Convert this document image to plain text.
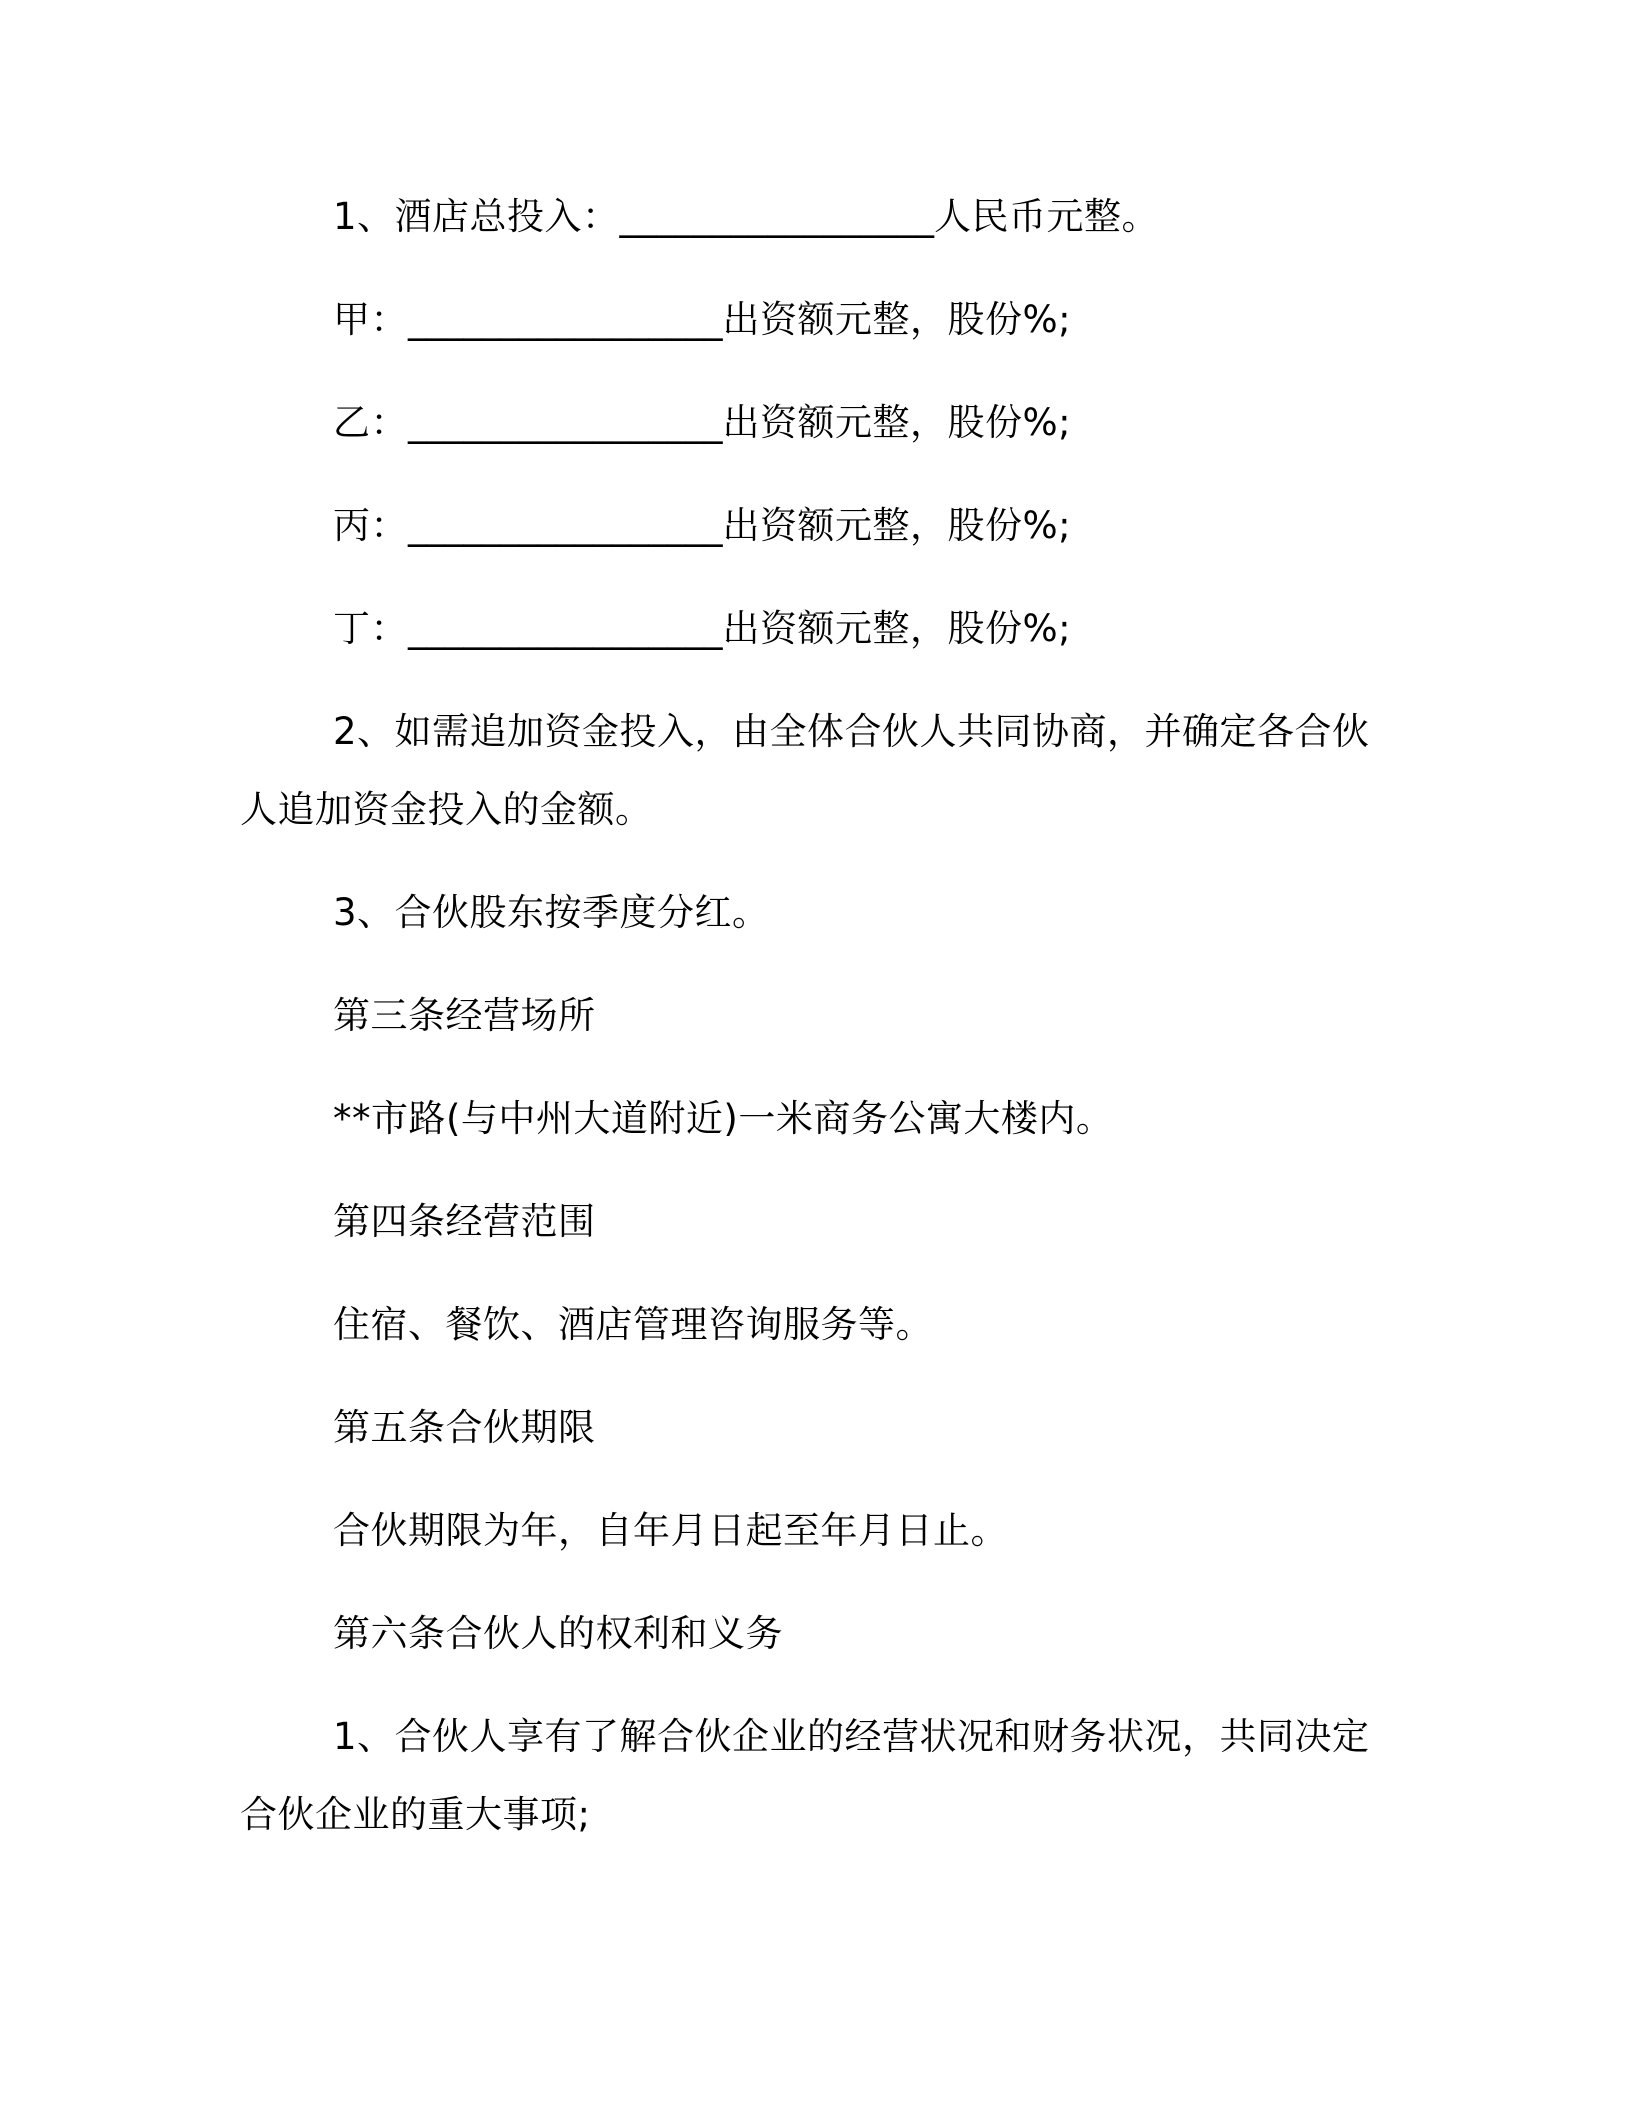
1、酒店总投入：_________________人民币元整。
甲：_________________出资额元整，股份%;
乙：_________________出资额元整，股份%;
丙：_________________出资额元整，股份%;
丁：_________________出资额元整，股份%;
2、如需追加资金投入，由全体合伙人共同协商，并确定各合伙
人追加资金投入的金额。
3、合伙股东按季度分红。
第三条经营场所
**市路(与中州大道附近)一米商务公寓大楼内。
第四条经营范围
住宿、餐饮、酒店管理咨询服务等。
第五条合伙期限
合伙期限为年，自年月日起至年月日止。
第六条合伙人的权利和义务
1、合伙人享有了解合伙企业的经营状况和财务状况，共同决定
合伙企业的重大事项;
